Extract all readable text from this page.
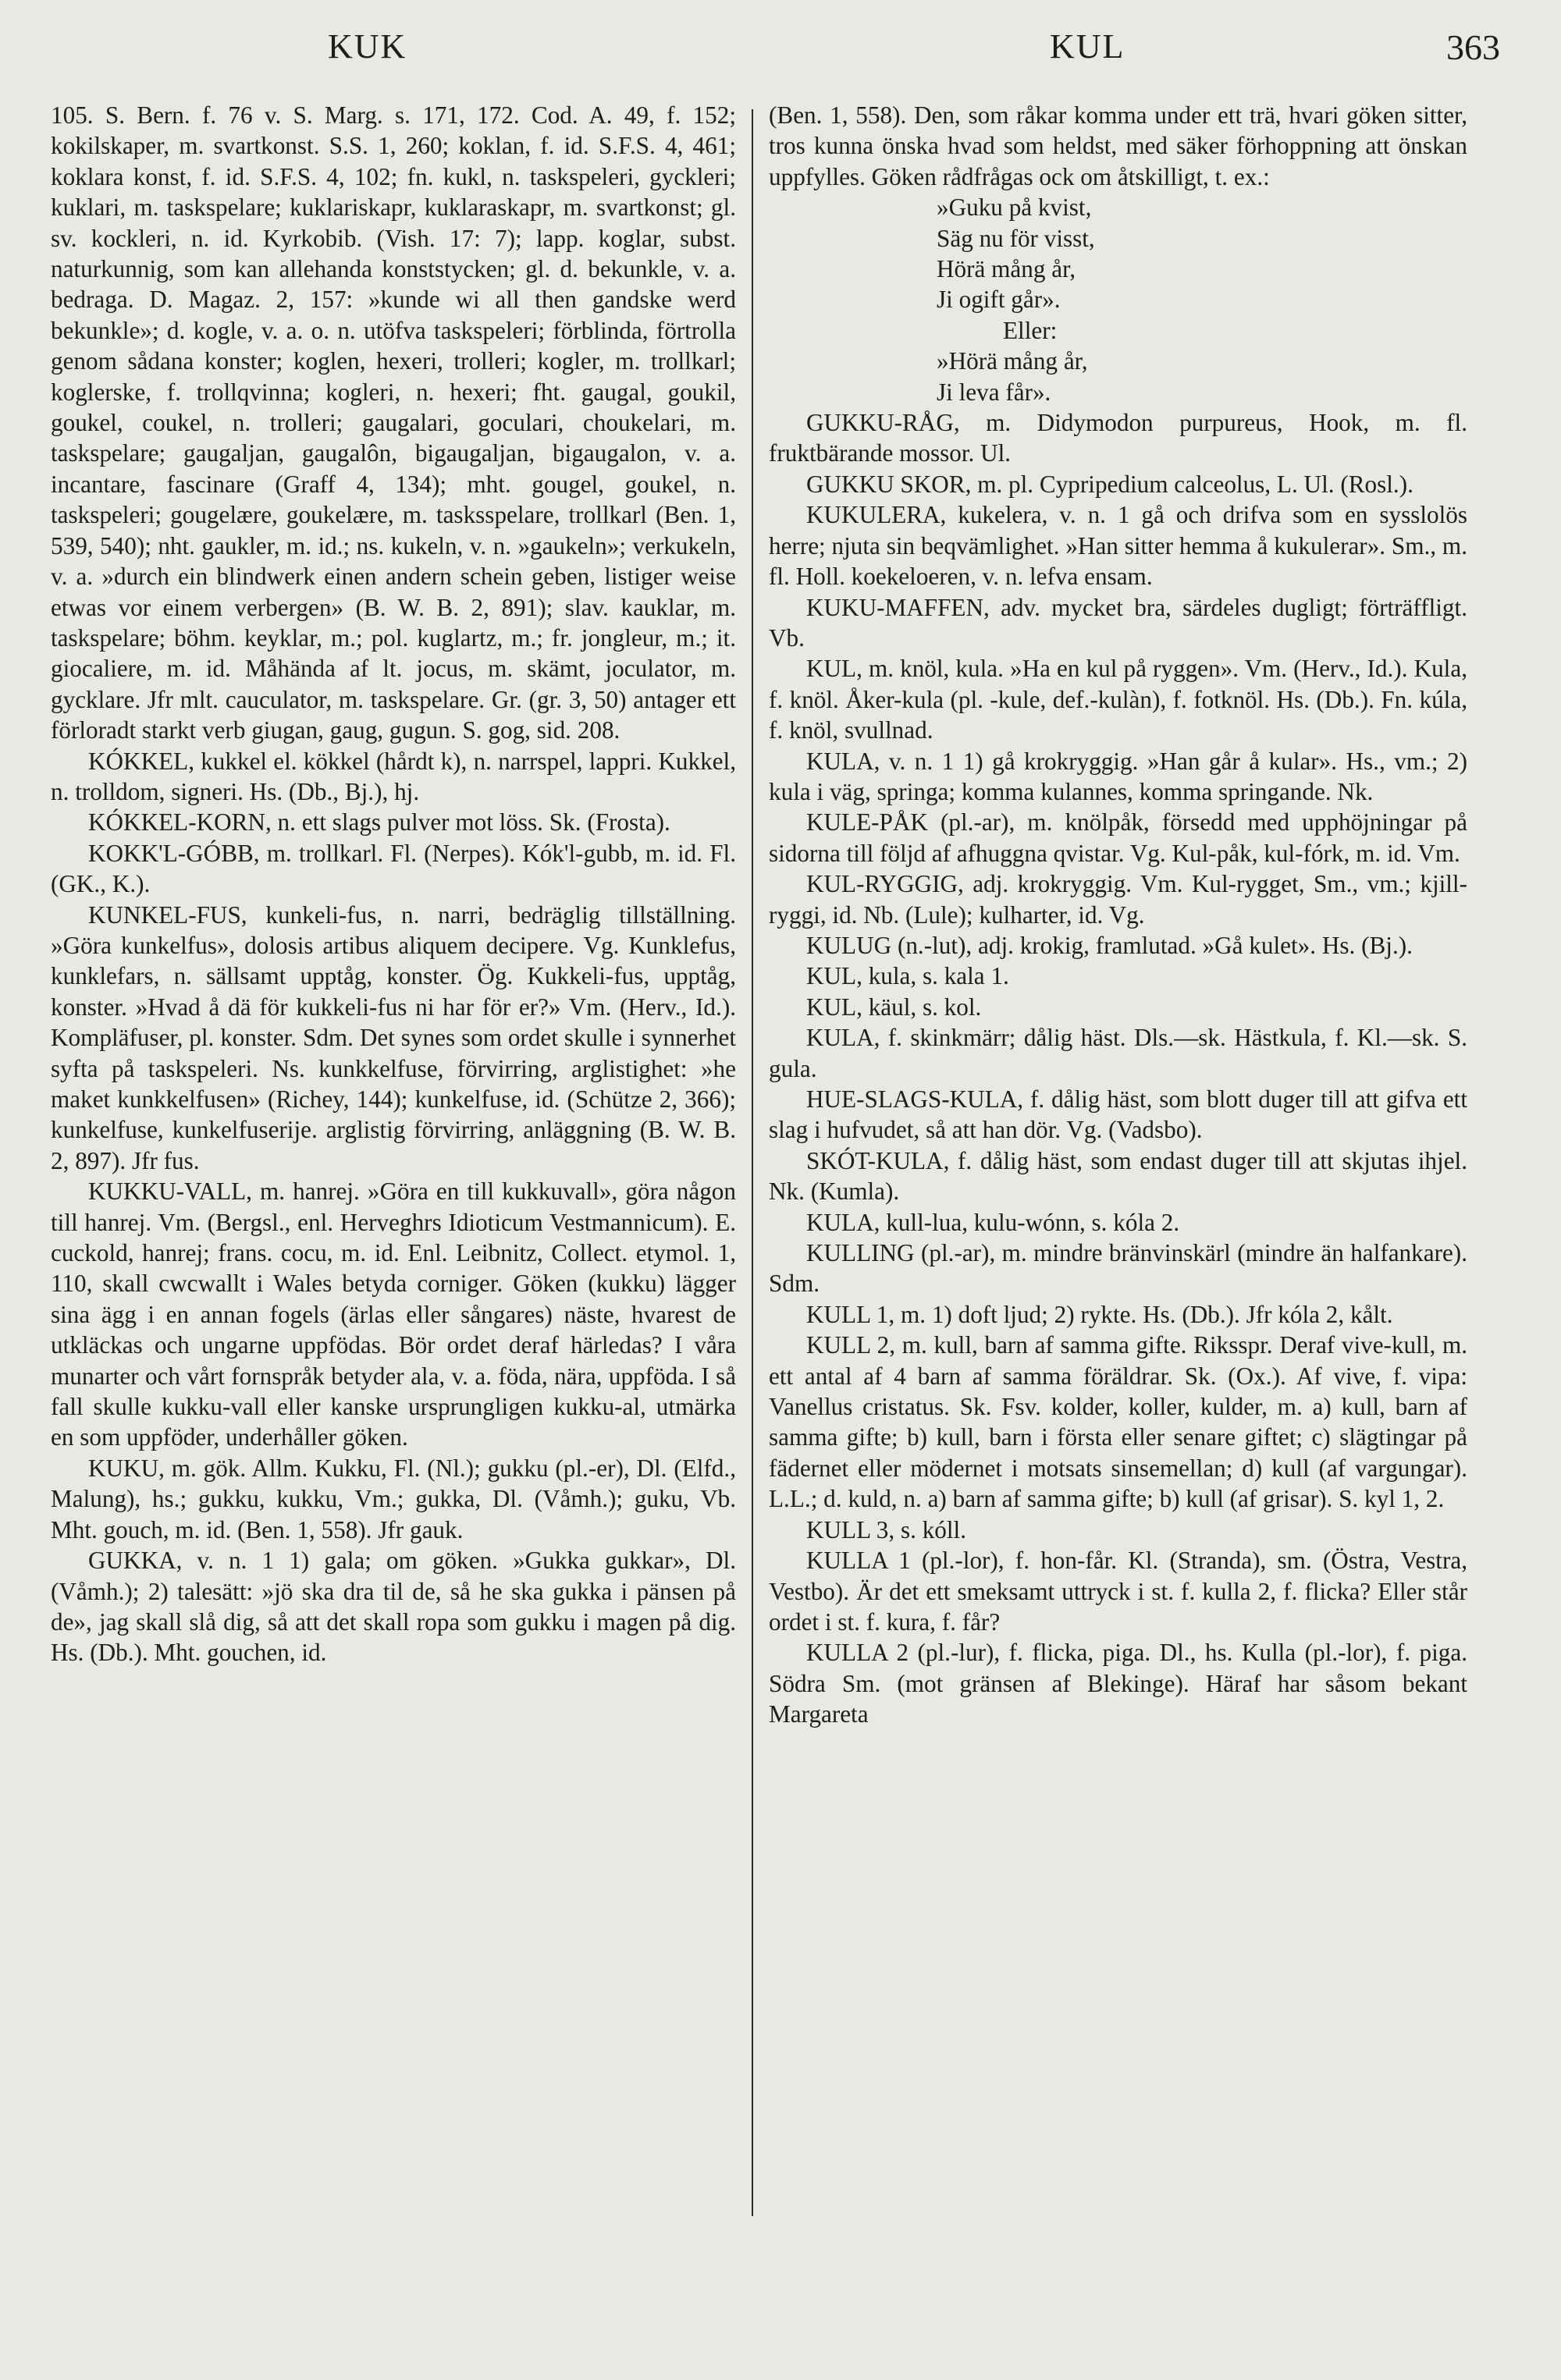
KUK	KUL	363

105. S. Bern. f. 76 v. S. Marg. s. 171, 172. Cod. A. 49, f. 152; kokilskaper, m. svartkonst. S.S. 1, 260; koklan, f. id. S.F.S. 4, 461; koklara konst, f. id. S.F.S. 4, 102; fn. kukl, n. taskspeleri, gyckleri; kuklari, m. taskspelare; kuklariskapr, kuklaraskapr, m. svartkonst; gl. sv. kockleri, n. id. Kyrkobib. (Vish. 17: 7); lapp. koglar, subst. naturkunnig, som kan allehanda konststycken; gl. d. bekunkle, v. a. bedraga. D. Magaz. 2, 157: »kunde wi all then gandske werd bekunkle»; d. kogle, v. a. o. n. utöfva taskspeleri; förblinda, förtrolla genom sådana konster; koglen, hexeri, trolleri; kogler, m. trollkarl; koglerske, f. trollqvinna; kogleri, n. hexeri; fht. gaugal, goukil, goukel, coukel, n. trolleri; gaugalari, goculari, choukelari, m. taskspelare; gaugaljan, gaugalôn, bigaugaljan, bigaugalon, v. a. incantare, fascinare (Graff 4, 134); mht. gougel, goukel, n. taskspeleri; gougelære, goukelære, m. tasksspelare, trollkarl (Ben. 1, 539, 540); nht. gaukler, m. id.; ns. kukeln, v. n. »gaukeln»; verkukeln, v. a. »durch ein blindwerk einen andern schein geben, listiger weise etwas vor einem verbergen» (B. W. B. 2, 891); slav. kauklar, m. taskspelare; böhm. keyklar, m.; pol. kuglartz, m.; fr. jongleur, m.; it. giocaliere, m. id. Måhända af lt. jocus, m. skämt, joculator, m. gycklare. Jfr mlt. cauculator, m. taskspelare. Gr. (gr. 3, 50) antager ett förloradt starkt verb giugan, gaug, gugun. S. gog, sid. 208.

KÓKKEL, kukkel el. kökkel (hårdt k), n. narrspel, lappri. Kukkel, n. trolldom, signeri. Hs. (Db., Bj.), hj.

KÓKKEL-KORN, n. ett slags pulver mot löss. Sk. (Frosta).

KOKK'L-GÓBB, m. trollkarl. Fl. (Nerpes). Kók'l-gubb, m. id. Fl. (GK., K.).

KUNKEL-FUS, kunkeli-fus, n. narri, bedräglig tillställning. »Göra kunkelfus», dolosis artibus aliquem decipere. Vg. Kunklefus, kunklefars, n. sällsamt upptåg, konster. Ög. Kukkeli-fus, upptåg, konster. »Hvad å dä för kukkeli-fus ni har för er?» Vm. (Herv., Id.). Kompläfuser, pl. konster. Sdm. Det synes som ordet skulle i synnerhet syfta på taskspeleri. Ns. kunkkelfuse, förvirring, arglistighet: »he maket kunkkelfusen» (Richey, 144); kunkelfuse, id. (Schütze 2, 366); kunkelfuse, kunkelfuserije. arglistig förvirring, anläggning (B. W. B. 2, 897). Jfr fus.

KUKKU-VALL, m. hanrej. »Göra en till kukkuvall», göra någon till hanrej. Vm. (Bergsl., enl. Herveghrs Idioticum Vestmannicum). E. cuckold, hanrej; frans. cocu, m. id. Enl. Leibnitz, Collect. etymol. 1, 110, skall cwcwallt i Wales betyda corniger. Göken (kukku) lägger sina ägg i en annan fogels (ärlas eller sångares) näste, hvarest de utkläckas och ungarne uppfödas. Bör ordet deraf härledas? I våra munarter och vårt fornspråk betyder ala, v. a. föda, nära, uppföda. I så fall skulle kukku-vall eller kanske ursprungligen kukku-al, utmärka en som uppföder, underhåller göken.

KUKU, m. gök. Allm. Kukku, Fl. (Nl.); gukku (pl.-er), Dl. (Elfd., Malung), hs.; gukku, kukku, Vm.; gukka, Dl. (Våmh.); guku, Vb. Mht. gouch, m. id. (Ben. 1, 558). Jfr gauk.

GUKKA, v. n. 1 1) gala; om göken. »Gukka gukkar», Dl. (Våmh.); 2) talesätt: »jö ska dra til de, så he ska gukka i pänsen på de», jag skall slå dig, så att det skall ropa som gukku i magen på dig. Hs. (Db.). Mht. gouchen, id.

(Ben. 1, 558). Den, som råkar komma under ett trä, hvari göken sitter, tros kunna önska hvad som heldst, med säker förhoppning att önskan uppfylles. Göken rådfrågas ock om åtskilligt, t. ex.:

»Guku på kvist,

Säg nu för visst,

Hörä mång år,

Ji ogift går».

Eller:

»Hörä mång år,

Ji leva får».

GUKKU-RÅG, m. Didymodon purpureus, Hook, m. fl. fruktbärande mossor. Ul.

GUKKU SKOR, m. pl. Cypripedium calceolus, L. Ul. (Rosl.).

KUKULERA, kukelera, v. n. 1 gå och drifva som en sysslolös herre; njuta sin beqvämlighet. »Han sitter hemma å kukulerar». Sm., m. fl. Holl. koekeloeren, v. n. lefva ensam.

KUKU-MAFFEN, adv. mycket bra, särdeles dugligt; förträffligt. Vb.

KUL, m. knöl, kula. »Ha en kul på ryggen». Vm. (Herv., Id.). Kula, f. knöl. Åker-kula (pl. -kule, def.-kulàn), f. fotknöl. Hs. (Db.). Fn. kúla, f. knöl, svullnad.

KULA, v. n. 1 1) gå krokryggig. »Han går å kular». Hs., vm.; 2) kula i väg, springa; komma kulannes, komma springande. Nk.

KULE-PÅK (pl.-ar), m. knölpåk, försedd med upphöjningar på sidorna till följd af afhuggna qvistar. Vg. Kul-påk, kul-fórk, m. id. Vm.

KUL-RYGGIG, adj. krokryggig. Vm. Kul-rygget, Sm., vm.; kjill-ryggi, id. Nb. (Lule); kulharter, id. Vg.

KULUG (n.-lut), adj. krokig, framlutad. »Gå kulet». Hs. (Bj.).

KUL, kula, s. kala 1.

KUL, käul, s. kol.

KULA, f. skinkmärr; dålig häst. Dls.—sk. Hästkula, f. Kl.—sk. S. gula.

HUE-SLAGS-KULA, f. dålig häst, som blott duger till att gifva ett slag i hufvudet, så att han dör. Vg. (Vadsbo).

SKÓT-KULA, f. dålig häst, som endast duger till att skjutas ihjel. Nk. (Kumla).

KULA, kull-lua, kulu-wónn, s. kóla 2.

KULLING (pl.-ar), m. mindre bränvinskärl (mindre än halfankare). Sdm.

KULL 1, m. 1) doft ljud; 2) rykte. Hs. (Db.). Jfr kóla 2, kålt.

KULL 2, m. kull, barn af samma gifte. Riksspr. Deraf vive-kull, m. ett antal af 4 barn af samma föräldrar. Sk. (Ox.). Af vive, f. vipa: Vanellus cristatus. Sk. Fsv. kolder, koller, kulder, m. a) kull, barn af samma gifte; b) kull, barn i första eller senare giftet; c) slägtingar på fädernet eller mödernet i motsats sinsemellan; d) kull (af vargungar). L.L.; d. kuld, n. a) barn af samma gifte; b) kull (af grisar). S. kyl 1, 2.

KULL 3, s. kóll.

KULLA 1 (pl.-lor), f. hon-får. Kl. (Stranda), sm. (Östra, Vestra, Vestbo). Är det ett smeksamt uttryck i st. f. kulla 2, f. flicka? Eller står ordet i st. f. kura, f. får?

KULLA 2 (pl.-lur), f. flicka, piga. Dl., hs. Kulla (pl.-lor), f. piga. Södra Sm. (mot gränsen af Blekinge). Häraf har såsom bekant Margareta
